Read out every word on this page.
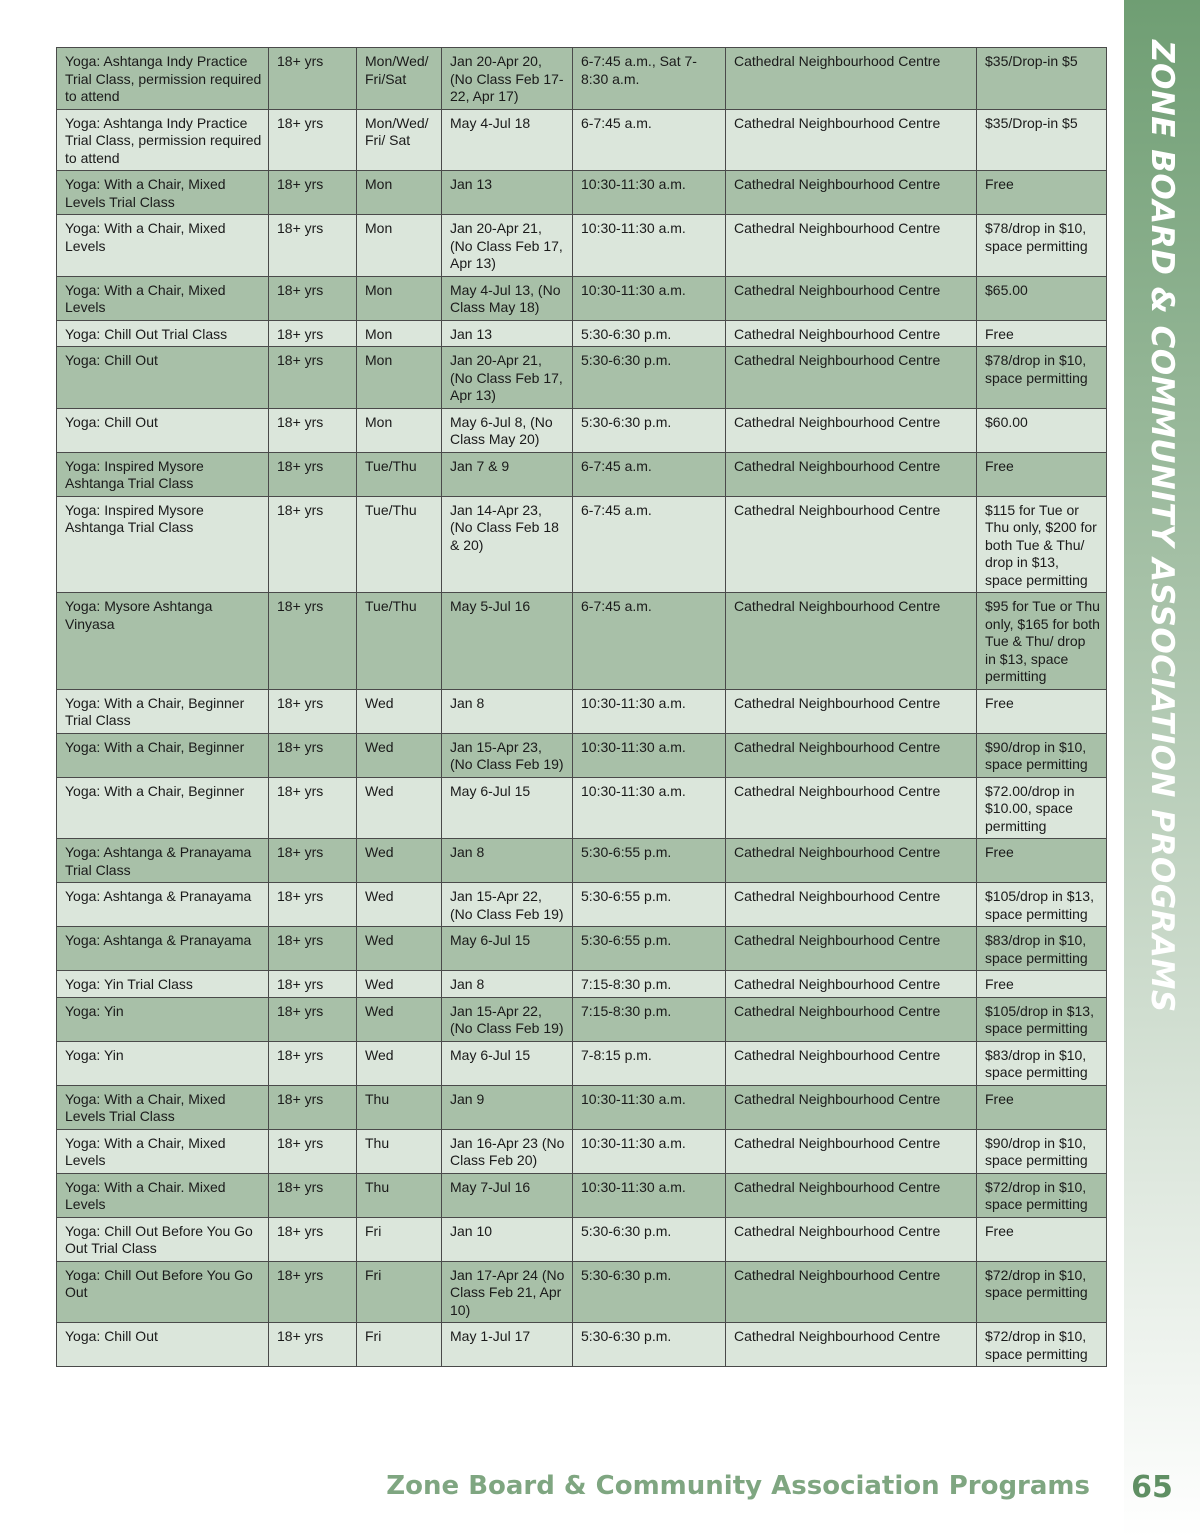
ZONE BOARD & COMMUNITY ASSOCIATION PROGRAMS
Yoga: Ashtanga Indy Practice Trial Class, permission required to attend	18+ yrs	Mon/Wed/ Fri/Sat	Jan 20-Apr 20, (No Class Feb 17-22, Apr 17)	6-7:45 a.m., Sat 7-8:30 a.m.	Cathedral Neighbourhood Centre	$35/Drop-in $5
Yoga: Ashtanga Indy Practice Trial Class, permission required to attend	18+ yrs	Mon/Wed/ Fri/ Sat	May 4-Jul 18	6-7:45 a.m.	Cathedral Neighbourhood Centre	$35/Drop-in $5
Yoga: With a Chair, Mixed Levels Trial Class	18+ yrs	Mon	Jan 13	10:30-11:30 a.m.	Cathedral Neighbourhood Centre	Free
Yoga: With a Chair, Mixed Levels	18+ yrs	Mon	Jan 20-Apr 21, (No Class Feb 17, Apr 13)	10:30-11:30 a.m.	Cathedral Neighbourhood Centre	$78/drop in $10, space permitting
Yoga: With a Chair, Mixed Levels	18+ yrs	Mon	May 4-Jul 13, (No Class May 18)	10:30-11:30 a.m.	Cathedral Neighbourhood Centre	$65.00
Yoga: Chill Out Trial Class	18+ yrs	Mon	Jan 13	5:30-6:30 p.m.	Cathedral Neighbourhood Centre	Free
Yoga: Chill Out	18+ yrs	Mon	Jan 20-Apr 21, (No Class Feb 17, Apr 13)	5:30-6:30 p.m.	Cathedral Neighbourhood Centre	$78/drop in $10, space permitting
Yoga: Chill Out	18+ yrs	Mon	May 6-Jul 8, (No Class May 20)	5:30-6:30 p.m.	Cathedral Neighbourhood Centre	$60.00
Yoga: Inspired Mysore Ashtanga Trial Class	18+ yrs	Tue/Thu	Jan 7 & 9	6-7:45 a.m.	Cathedral Neighbourhood Centre	Free
Yoga: Inspired Mysore Ashtanga Trial Class	18+ yrs	Tue/Thu	Jan 14-Apr 23, (No Class Feb 18 & 20)	6-7:45 a.m.	Cathedral Neighbourhood Centre	$115 for Tue or Thu only, $200 for both Tue & Thu/ drop in $13, space permitting
Yoga: Mysore Ashtanga Vinyasa	18+ yrs	Tue/Thu	May 5-Jul 16	6-7:45 a.m.	Cathedral Neighbourhood Centre	$95 for Tue or Thu only, $165 for both Tue & Thu/ drop in $13, space permitting
Yoga: With a Chair, Beginner Trial Class	18+ yrs	Wed	Jan 8	10:30-11:30 a.m.	Cathedral Neighbourhood Centre	Free
Yoga: With a Chair, Beginner	18+ yrs	Wed	Jan 15-Apr 23, (No Class Feb 19)	10:30-11:30 a.m.	Cathedral Neighbourhood Centre	$90/drop in $10, space permitting
Yoga: With a Chair, Beginner	18+ yrs	Wed	May 6-Jul 15	10:30-11:30 a.m.	Cathedral Neighbourhood Centre	$72.00/drop in $10.00, space permitting
Yoga: Ashtanga & Pranayama Trial Class	18+ yrs	Wed	Jan 8	5:30-6:55 p.m.	Cathedral Neighbourhood Centre	Free
Yoga: Ashtanga & Pranayama	18+ yrs	Wed	Jan 15-Apr 22, (No Class Feb 19)	5:30-6:55 p.m.	Cathedral Neighbourhood Centre	$105/drop in $13, space permitting
Yoga: Ashtanga & Pranayama	18+ yrs	Wed	May 6-Jul 15	5:30-6:55 p.m.	Cathedral Neighbourhood Centre	$83/drop in $10, space permitting
Yoga: Yin Trial Class	18+ yrs	Wed	Jan 8	7:15-8:30 p.m.	Cathedral Neighbourhood Centre	Free
Yoga: Yin	18+ yrs	Wed	Jan 15-Apr 22, (No Class Feb 19)	7:15-8:30 p.m.	Cathedral Neighbourhood Centre	$105/drop in $13, space permitting
Yoga: Yin	18+ yrs	Wed	May 6-Jul 15	7-8:15 p.m.	Cathedral Neighbourhood Centre	$83/drop in $10, space permitting
Yoga: With a Chair, Mixed Levels Trial Class	18+ yrs	Thu	Jan 9	10:30-11:30 a.m.	Cathedral Neighbourhood Centre	Free
Yoga: With a Chair, Mixed Levels	18+ yrs	Thu	Jan 16-Apr 23 (No Class Feb 20)	10:30-11:30 a.m.	Cathedral Neighbourhood Centre	$90/drop in $10, space permitting
Yoga: With a Chair. Mixed Levels	18+ yrs	Thu	May 7-Jul 16	10:30-11:30 a.m.	Cathedral Neighbourhood Centre	$72/drop in $10, space permitting
Yoga: Chill Out Before You Go Out Trial Class	18+ yrs	Fri	Jan 10	5:30-6:30 p.m.	Cathedral Neighbourhood Centre	Free
Yoga: Chill Out Before You Go Out	18+ yrs	Fri	Jan 17-Apr 24 (No Class Feb 21, Apr 10)	5:30-6:30 p.m.	Cathedral Neighbourhood Centre	$72/drop in $10, space permitting
Yoga: Chill Out	18+ yrs	Fri	May 1-Jul 17	5:30-6:30 p.m.	Cathedral Neighbourhood Centre	$72/drop in $10, space permitting
Zone Board & Community Association Programs 65
